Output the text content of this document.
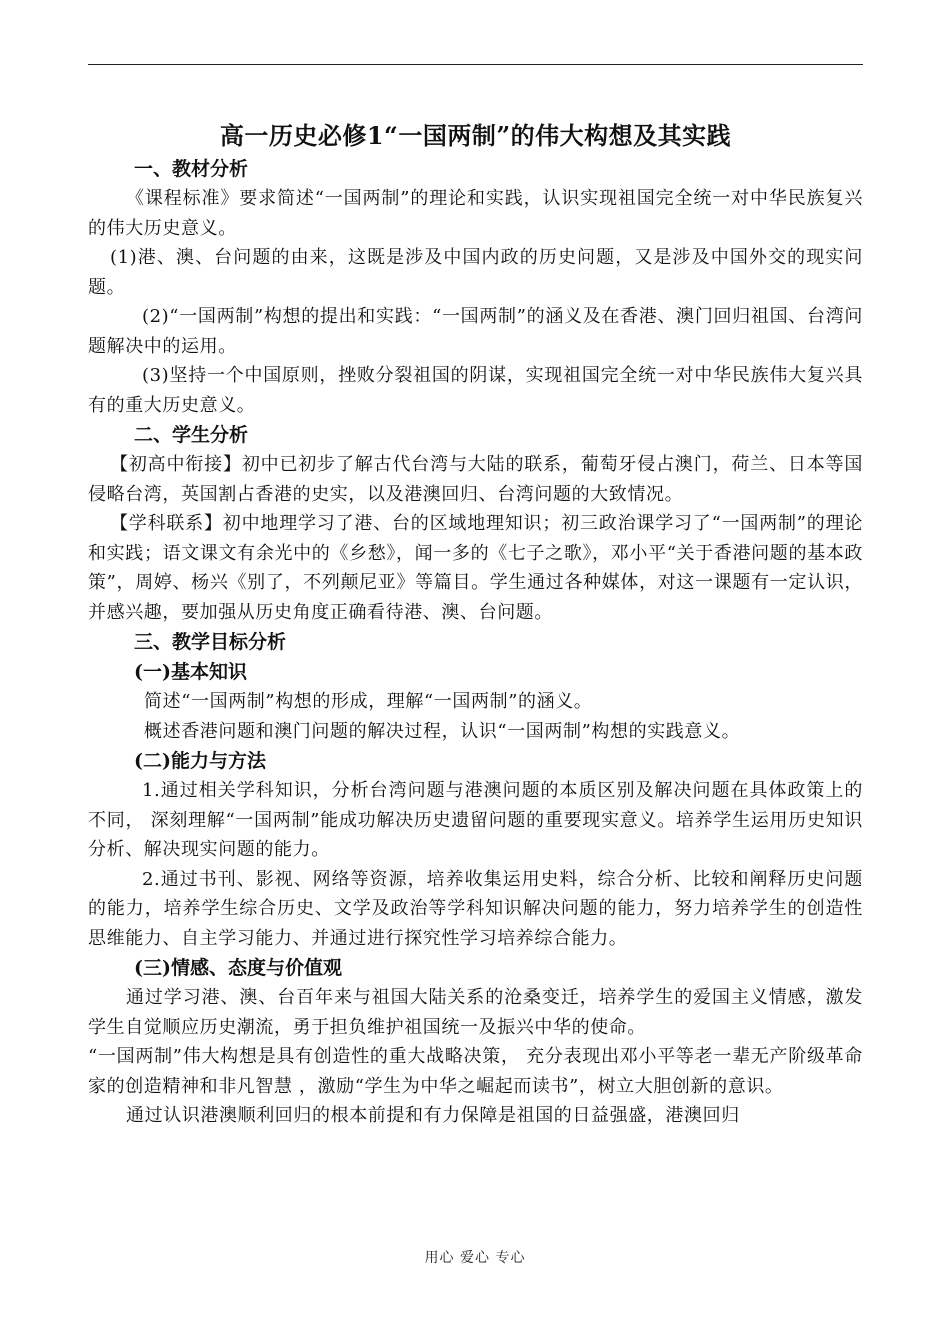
高一历史必修1“一国两制”的伟大构想及其实践
一、教材分析

《课程标准》要求简述“一国两制”的理论和实践，认识实现祖国完全统一对中华民族复兴的伟大历史意义。

(1)港、澳、台问题的由来，这既是涉及中国内政的历史问题，又是涉及中国外交的现实问题。

(2)“一国两制”构想的提出和实践：“一国两制”的涵义及在香港、澳门回归祖国、台湾问题解决中的运用。

(3)坚持一个中国原则，挫败分裂祖国的阴谋，实现祖国完全统一对中华民族伟大复兴具有的重大历史意义。

二、学生分析

【初高中衔接】初中已初步了解古代台湾与大陆的联系，葡萄牙侵占澳门，荷兰、日本等国侵略台湾，英国割占香港的史实，以及港澳回归、台湾问题的大致情况。

【学科联系】初中地理学习了港、台的区域地理知识；初三政治课学习了“一国两制”的理论和实践；语文课文有余光中的《乡愁》，闻一多的《七子之歌》，邓小平“关于香港问题的基本政策”，周婷、杨兴《别了，不列颠尼亚》等篇目。学生通过各种媒体，对这一课题有一定认识，并感兴趣，要加强从历史角度正确看待港、澳、台问题。

三、教学目标分析
(一)基本知识

简述“一国两制”构想的形成，理解“一国两制”的涵义。

概述香港问题和澳门问题的解决过程，认识“一国两制”构想的实践意义。

(二)能力与方法

1.通过相关学科知识，分析台湾问题与港澳问题的本质区别及解决问题在具体政策上的不同， 深刻理解“一国两制”能成功解决历史遗留问题的重要现实意义。培养学生运用历史知识分析、解决现实问题的能力。

2.通过书刊、影视、网络等资源，培养收集运用史料，综合分析、比较和阐释历史问题的能力，培养学生综合历史、文学及政治等学科知识解决问题的能力，努力培养学生的创造性思维能力、自主学习能力、并通过进行探究性学习培养综合能力。

(三)情感、态度与价值观

通过学习港、澳、台百年来与祖国大陆关系的沧桑变迁，培养学生的爱国主义情感，激发学生自觉顺应历史潮流，勇于担负维护祖国统一及振兴中华的使命。

“一国两制”伟大构想是具有创造性的重大战略决策， 充分表现出邓小平等老一辈无产阶级革命家的创造精神和非凡智慧 ，激励“学生为中华之崛起而读书”，树立大胆创新的意识。

通过认识港澳顺利回归的根本前提和有力保障是祖国的日益强盛，港澳回归

用心 爱心 专心
